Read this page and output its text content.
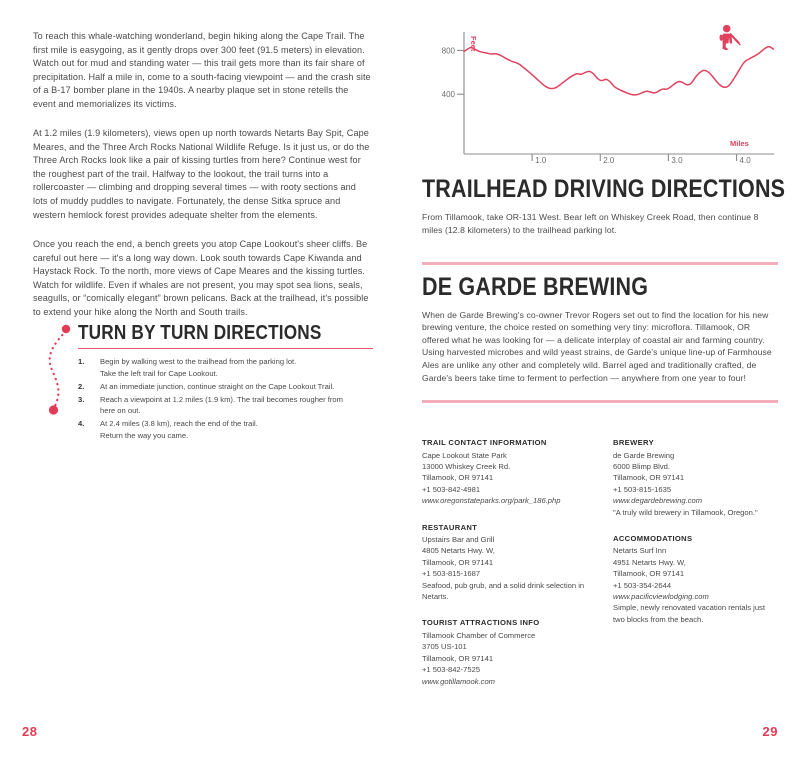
To reach this whale-watching wonderland, begin hiking along the Cape Trail. The first mile is easygoing, as it gently drops over 300 feet (91.5 meters) in elevation. Watch out for mud and standing water — this trail gets more than its fair share of precipitation. Half a mile in, come to a south-facing viewpoint — and the crash site of a B-17 bomber plane in the 1940s. A nearby plaque set in stone retells the event and memorializes its victims.

At 1.2 miles (1.9 kilometers), views open up north towards Netarts Bay Spit, Cape Meares, and the Three Arch Rocks National Wildlife Refuge. Is it just us, or do the Three Arch Rocks look like a pair of kissing turtles from here? Continue west for the roughest part of the trail. Halfway to the lookout, the trail turns into a rollercoaster — climbing and dropping several times — with rooty sections and lots of muddy puddles to navigate. Fortunately, the dense Sitka spruce and western hemlock forest provides adequate shelter from the elements.

Once you reach the end, a bench greets you atop Cape Lookout's sheer cliffs. Be careful out here — it's a long way down. Look south towards Cape Kiwanda and Haystack Rock. To the north, more views of Cape Meares and the kissing turtles. Watch for wildlife. Even if whales are not present, you may spot sea lions, seals, seagulls, or “comically elegant” brown pelicans. Back at the trailhead, it's possible to extend your hike along the North and South trails.

TURN BY TURN DIRECTIONS
1.	Begin by walking west to the trailhead from the parking lot.
Take the left trail for Cape Lookout.
2.	At an immediate junction, continue straight on the Cape Lookout Trail.
3.	Reach a viewpoint at 1.2 miles (1.9 km). The trail becomes rougher from
here on out.
4.	At 2.4 miles (3.8 km), reach the end of the trail.
Return the way you came.
28
400
800
1.0	2.0	3.0	4.0
Feet
Miles
TRAILHEAD DRIVING DIRECTIONS

From Tillamook, take OR-131 West. Bear left on Whiskey Creek Road, then continue 8 miles (12.8 kilometers) to the trailhead parking lot.

DE GARDE BREWING

When de Garde Brewing's co-owner Trevor Rogers set out to find the location for his new brewing venture, the choice rested on something very tiny: microflora. Tillamook, OR offered what he was looking for — a delicate interplay of coastal air and farming country. Using harvested microbes and wild yeast strains, de Garde's unique line-up of Farmhouse Ales are unlike any other and completely wild. Barrel aged and traditionally crafted, de Garde's beers take time to ferment to perfection — anywhere from one year to four!

TRAIL CONTACT INFORMATION
Cape Lookout State Park
13000 Whiskey Creek Rd.
Tillamook, OR 97141
+1 503-842-4981
www.oregonstateparks.org/park_186.php
RESTAURANT
Upstairs Bar and Grill
4805 Netarts Hwy. W,
Tillamook, OR 97141
+1 503-815-1687
Seafood, pub grub, and a solid drink selection in Netarts.
TOURIST ATTRACTIONS INFO
Tillamook Chamber of Commerce
3705 US-101
Tillamook, OR 97141
+1 503-842-7525
www.gotillamook.com
BREWERY
de Garde Brewing
6000 Blimp Blvd.
Tillamook, OR 97141
+1 503-815-1635
www.degardebrewing.com
"A truly wild brewery in Tillamook, Oregon."
ACCOMMODATIONS
Netarts Surf Inn
4951 Netarts Hwy. W,
Tillamook, OR 97141
+1 503-354-2644
www.pacificviewlodging.com
Simple, newly renovated vacation rentals just two blocks from the beach.
29
